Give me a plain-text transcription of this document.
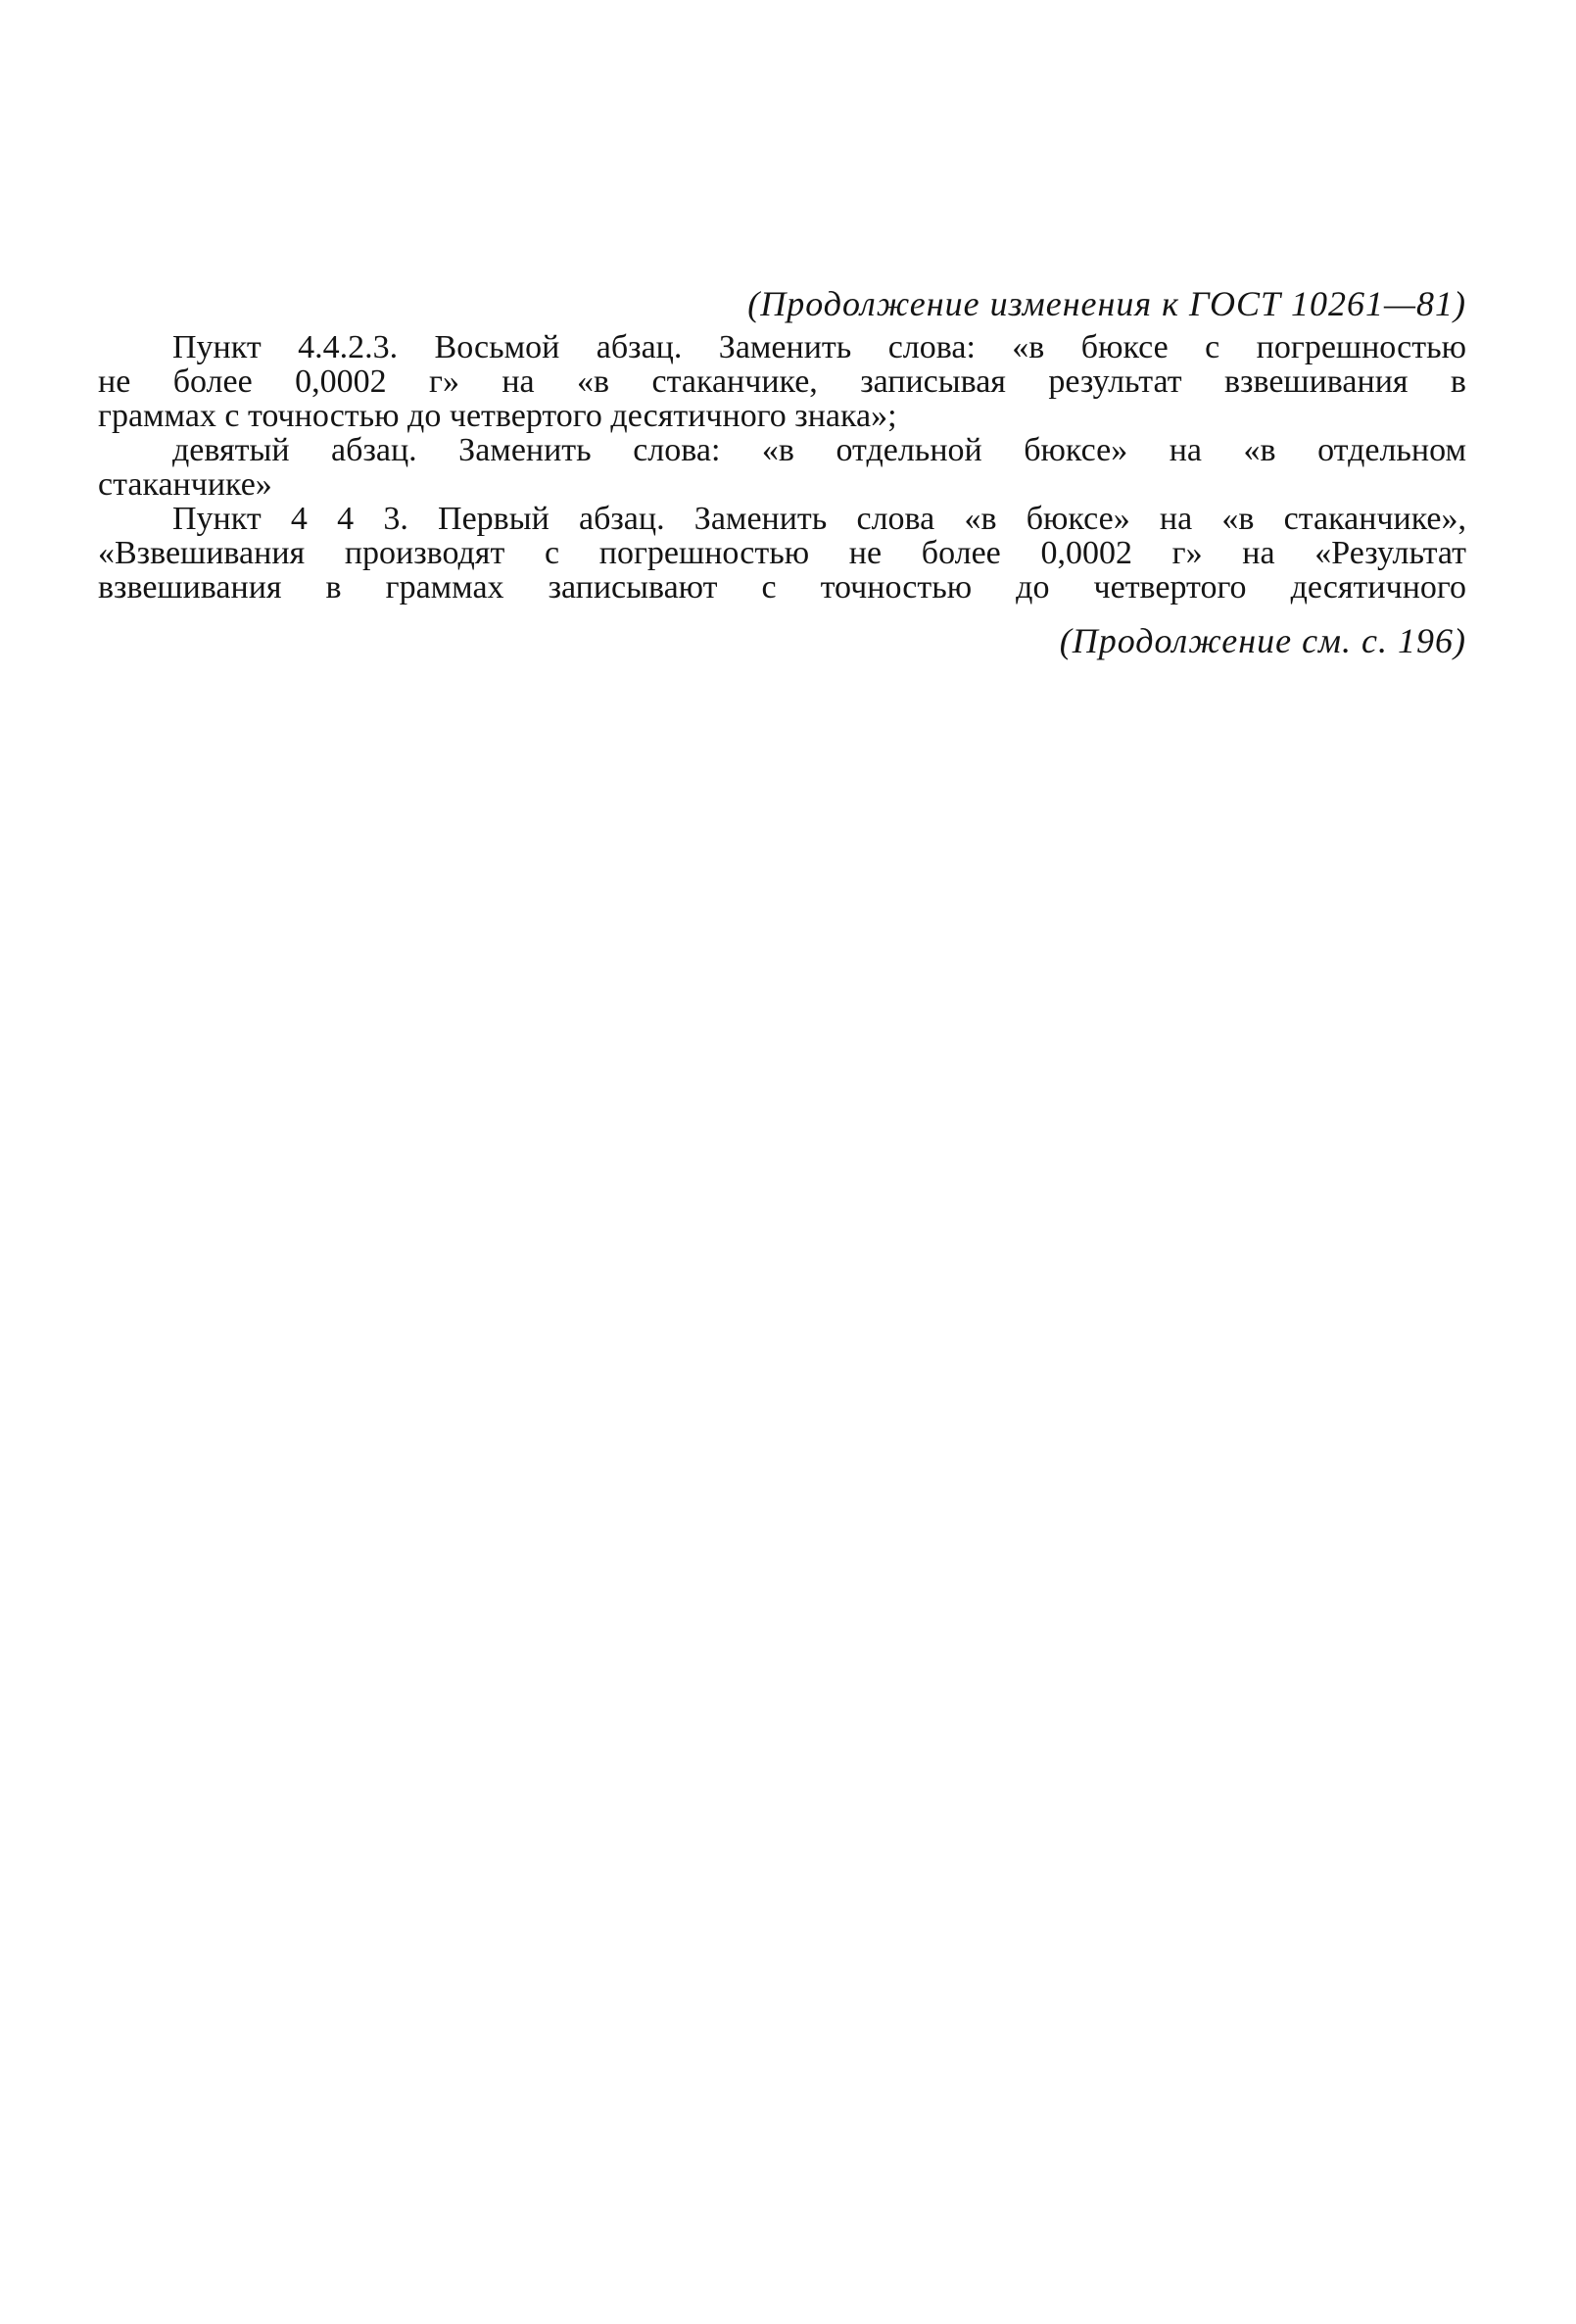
(Продолжение изменения к ГОСТ 10261—81)
Пункт 4.4.2.3. Восьмой абзац. Заменить слова: «в бюксе с погрешностью
не более 0,0002 г» на «в стаканчике, записывая результат взвешивания в
граммах с точностью до четвертого десятичного знака»;
девятый абзац. Заменить слова: «в отдельной бюксе» на «в отдельном
стаканчике»
Пункт 4 4 3. Первый абзац. Заменить слова «в бюксе» на «в стаканчике»,
«Взвешивания производят с погрешностью не более 0,0002 г» на «Результат
взвешивания в граммах записывают с точностью до четвертого десятичного
(Продолжение см. с. 196)
